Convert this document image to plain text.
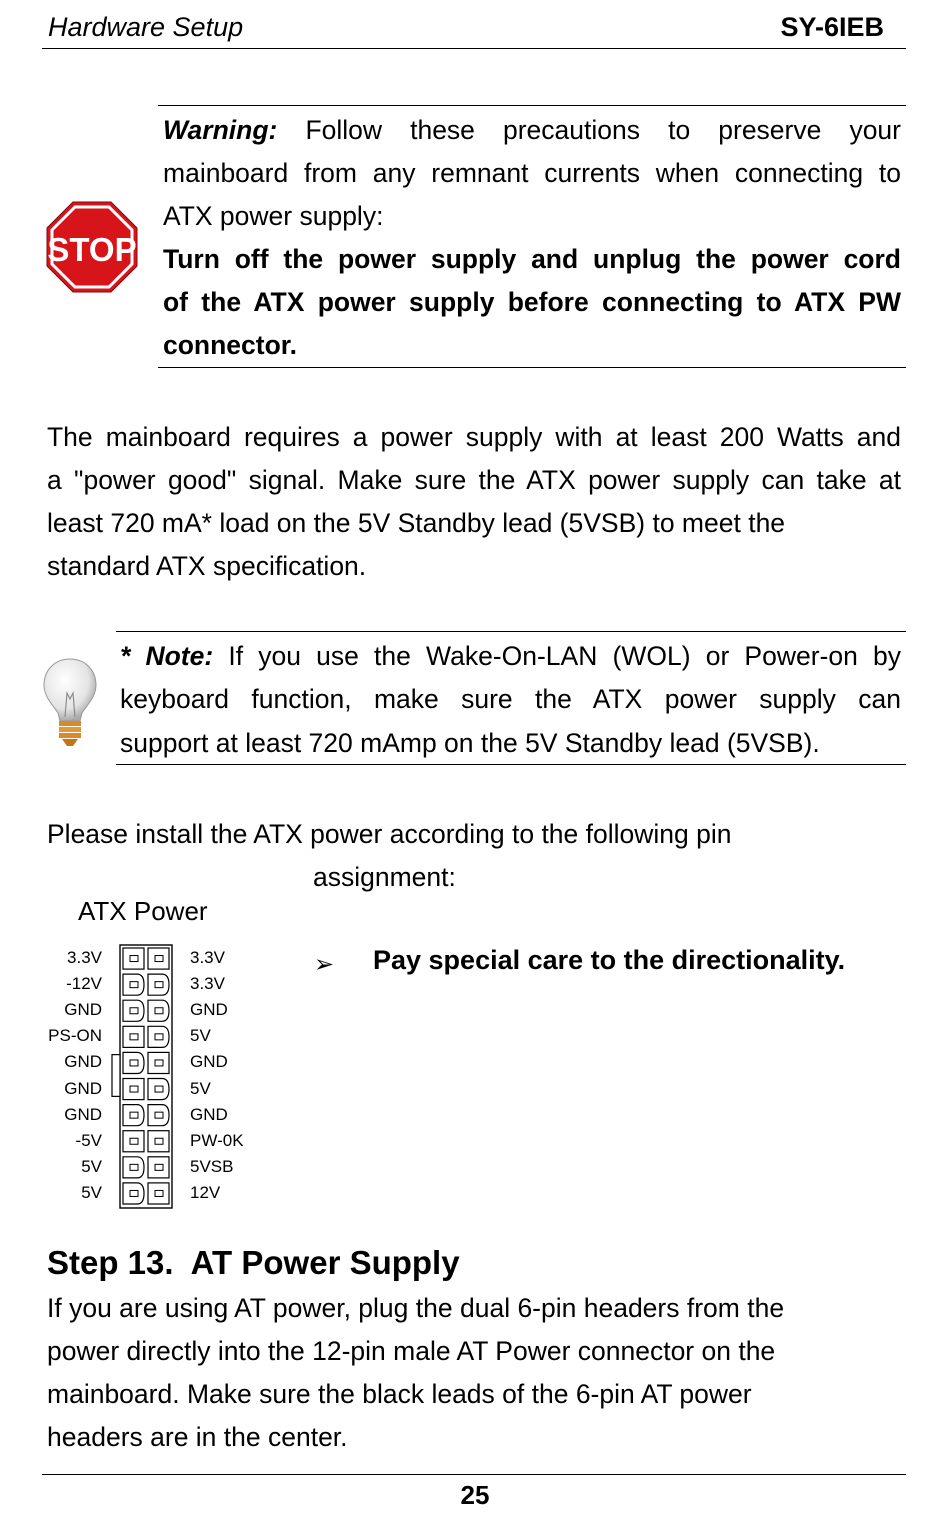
Hardware Setup	SY-6IEB
STOP
Warning: Follow these precautions to preserve your
mainboard from any remnant currents when connecting to
ATX power supply:
Turn off the power supply and unplug the power cord
of the ATX power supply before connecting to ATX PW
connector.
The mainboard requires a power supply with at least 200 Watts and
a "power good" signal. Make sure the ATX power supply can take at
least 720 mA* load on the 5V Standby lead (5VSB) to meet the
standard ATX specification.
* Note: If you use the Wake-On-LAN (WOL) or Power-on by
keyboard function, make sure the ATX power supply can
support at least 720 mAmp on the 5V Standby lead (5VSB).
Please install the ATX power according to the following pin
assignment:
ATX Power
3.3V	3.3V
-12V	3.3V
GND	GND
PS-ON	5V
GND	GND
GND	5V
GND	GND
-5V	PW-0K
5V	5VSB
5V	12V
➢ Pay special care to the directionality.
Step 13.  AT Power Supply
If you are using AT power, plug the dual 6-pin headers from the
power directly into the 12-pin male AT Power connector on the
mainboard. Make sure the black leads of the 6-pin AT power
headers are in the center.
25
